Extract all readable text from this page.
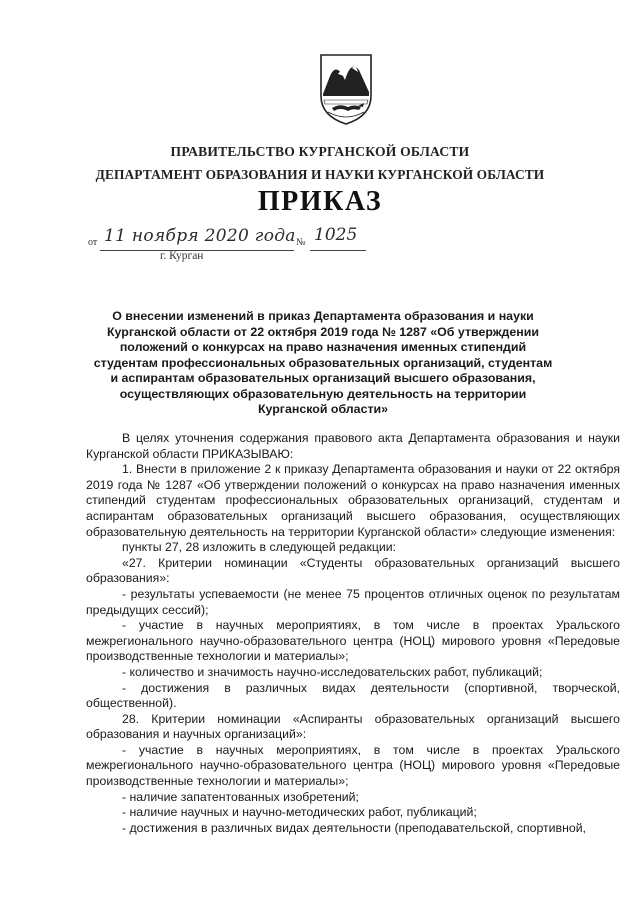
ПРАВИТЕЛЬСТВО КУРГАНСКОЙ ОБЛАСТИ
ДЕПАРТАМЕНТ ОБРАЗОВАНИЯ И НАУКИ КУРГАНСКОЙ ОБЛАСТИ
ПРИКАЗ
от 11 ноября 2020 года № 1025
г. Курган
О внесении изменений в приказ Департамента образования и науки Курганской области от 22 октября 2019 года № 1287 «Об утверждении положений о конкурсах на право назначения именных стипендий студентам профессиональных образовательных организаций, студентам и аспирантам образовательных организаций высшего образования, осуществляющих образовательную деятельность на территории Курганской области»

В целях уточнения содержания правового акта Департамента образования и науки Курганской области ПРИКАЗЫВАЮ:

1. Внести в приложение 2 к приказу Департамента образования и науки от 22 октября 2019 года № 1287 «Об утверждении положений о конкурсах на право назначения именных стипендий студентам профессиональных образовательных организаций, студентам и аспирантам образовательных организаций высшего образования, осуществляющих образовательную деятельность на территории Курганской области» следующие изменения:

пункты 27, 28 изложить в следующей редакции:

«27. Критерии номинации «Студенты образовательных организаций высшего образования»:

- результаты успеваемости (не менее 75 процентов отличных оценок по результатам предыдущих сессий);

- участие в научных мероприятиях, в том числе в проектах Уральского межрегионального научно-образовательного центра (НОЦ) мирового уровня «Передовые производственные технологии и материалы»;

- количество и значимость научно-исследовательских работ, публикаций;

- достижения в различных видах деятельности (спортивной, творческой, общественной).

28. Критерии номинации «Аспиранты образовательных организаций высшего образования и научных организаций»:

- участие в научных мероприятиях, в том числе в проектах Уральского межрегионального научно-образовательного центра (НОЦ) мирового уровня «Передовые производственные технологии и материалы»;

- наличие запатентованных изобретений;

- наличие научных и научно-методических работ, публикаций;

- достижения в различных видах деятельности (преподавательской, спортивной,
